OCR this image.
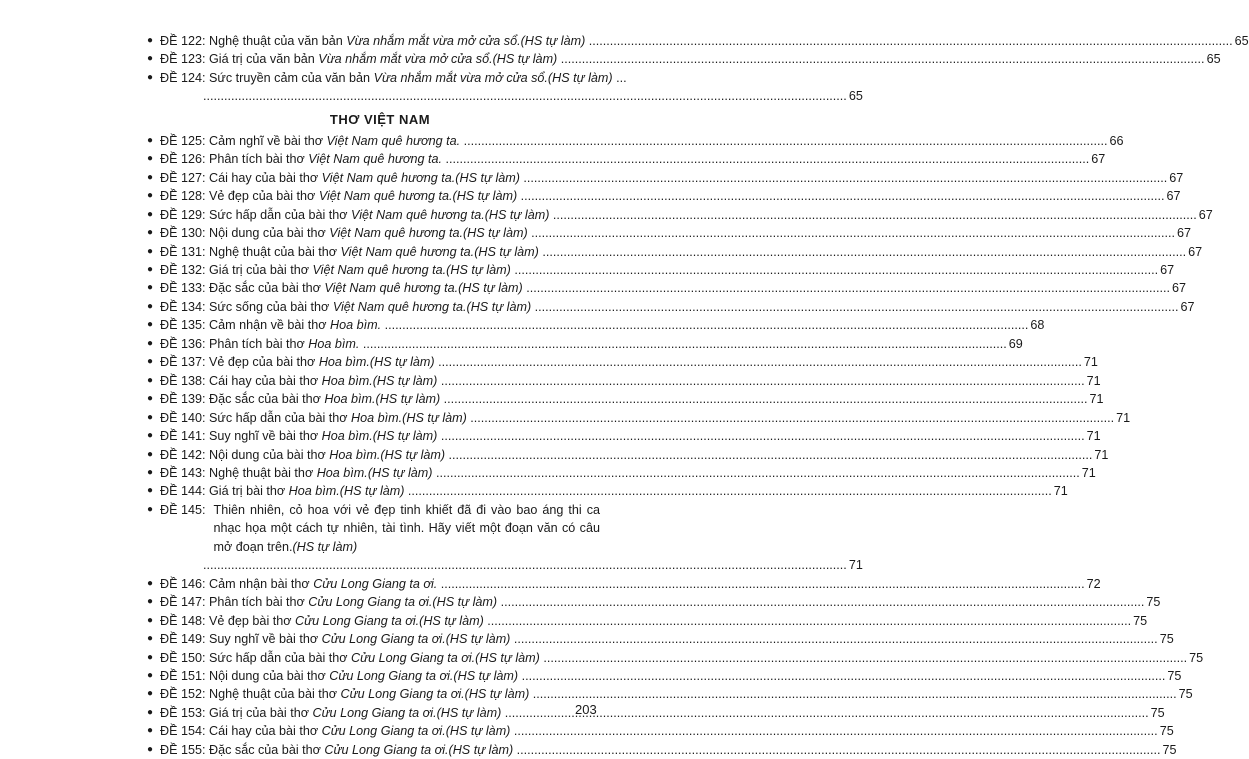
● ĐỀ 122: Nghệ thuật của văn bản Vừa nhắm mắt vừa mở cửa sổ.(HS tự làm) .....	65
● ĐỀ 123: Giá trị của văn bản Vừa nhắm mắt vừa mở cửa sổ.(HS tự làm) .....	65
● ĐỀ 124: Sức truyền cảm của văn bản Vừa nhắm mắt vừa mở cửa sổ.(HS tự làm) ...
.....
65
THƠ VIỆT NAM
● ĐỀ 125: Cảm nghĩ về bài thơ Việt Nam quê hương ta. .....	66
● ĐỀ 126: Phân tích bài thơ Việt Nam quê hương ta. .....	67
● ĐỀ 127: Cái hay của bài thơ Việt Nam quê hương ta.(HS tự làm) .....	67
● ĐỀ 128: Vẻ đẹp của bài thơ Việt Nam quê hương ta.(HS tự làm) .....	67
● ĐỀ 129: Sức hấp dẫn của bài thơ Việt Nam quê hương ta.(HS tự làm) .....	67
● ĐỀ 130: Nội dung của bài thơ Việt Nam quê hương ta.(HS tự làm) .....	67
● ĐỀ 131: Nghệ thuật của bài thơ Việt Nam quê hương ta.(HS tự làm) .....	67
● ĐỀ 132: Giá trị của bài thơ Việt Nam quê hương ta.(HS tự làm) .....	67
● ĐỀ 133: Đặc sắc của bài thơ Việt Nam quê hương ta.(HS tự làm) .....	67
● ĐỀ 134: Sức sống của bài thơ Việt Nam quê hương ta.(HS tự làm) .....	67
● ĐỀ 135: Cảm nhận về bài thơ Hoa bìm. .....	68
● ĐỀ 136: Phân tích bài thơ Hoa bìm. .....	69
● ĐỀ 137: Vẻ đẹp của bài thơ Hoa bìm.(HS tự làm) .....	71
● ĐỀ 138: Cái hay của bài thơ Hoa bìm.(HS tự làm) .....	71
● ĐỀ 139: Đặc sắc của bài thơ Hoa bìm.(HS tự làm) .....	71
● ĐỀ 140: Sức hấp dẫn của bài thơ Hoa bìm.(HS tự làm) .....	71
● ĐỀ 141: Suy nghĩ về bài thơ Hoa bìm.(HS tự làm) .....	71
● ĐỀ 142: Nội dung của bài thơ Hoa bìm.(HS tự làm) .....	71
● ĐỀ 143: Nghệ thuật bài thơ Hoa bìm.(HS tự làm) .....	71
● ĐỀ 144: Giá trị bài thơ Hoa bìm.(HS tự làm) .....	71
● ĐỀ 145: Thiên nhiên, cỏ hoa với vẻ đẹp tinh khiết đã đi vào bao áng thi ca
nhạc họa một cách tự nhiên, tài tình. Hãy viết một đoạn văn có câu
mở đoạn trên. (HS tự làm)
.....
71
● ĐỀ 146: Cảm nhận bài thơ Cửu Long Giang ta ơi. .....	72
● ĐỀ 147: Phân tích bài thơ Cửu Long Giang ta ơi.(HS tự làm) .....	75
● ĐỀ 148: Vẻ đẹp bài thơ Cửu Long Giang ta ơi.(HS tự làm) .....	75
● ĐỀ 149: Suy nghĩ về bài thơ Cửu Long Giang ta ơi.(HS tự làm) .....	75
● ĐỀ 150: Sức hấp dẫn của bài thơ Cửu Long Giang ta ơi.(HS tự làm) .....	75
● ĐỀ 151: Nội dung của bài thơ Cửu Long Giang ta ơi.(HS tự làm) .....	75
● ĐỀ 152: Nghệ thuật của bài thơ Cửu Long Giang ta ơi.(HS tự làm) .....	75
● ĐỀ 153: Giá trị của bài thơ Cửu Long Giang ta ơi.(HS tự làm) .....	75
● ĐỀ 154: Cái hay của bài thơ Cửu Long Giang ta ơi.(HS tự làm) .....	75
● ĐỀ 155: Đặc sắc của bài thơ Cửu Long Giang ta ơi.(HS tự làm) .....	75
203
